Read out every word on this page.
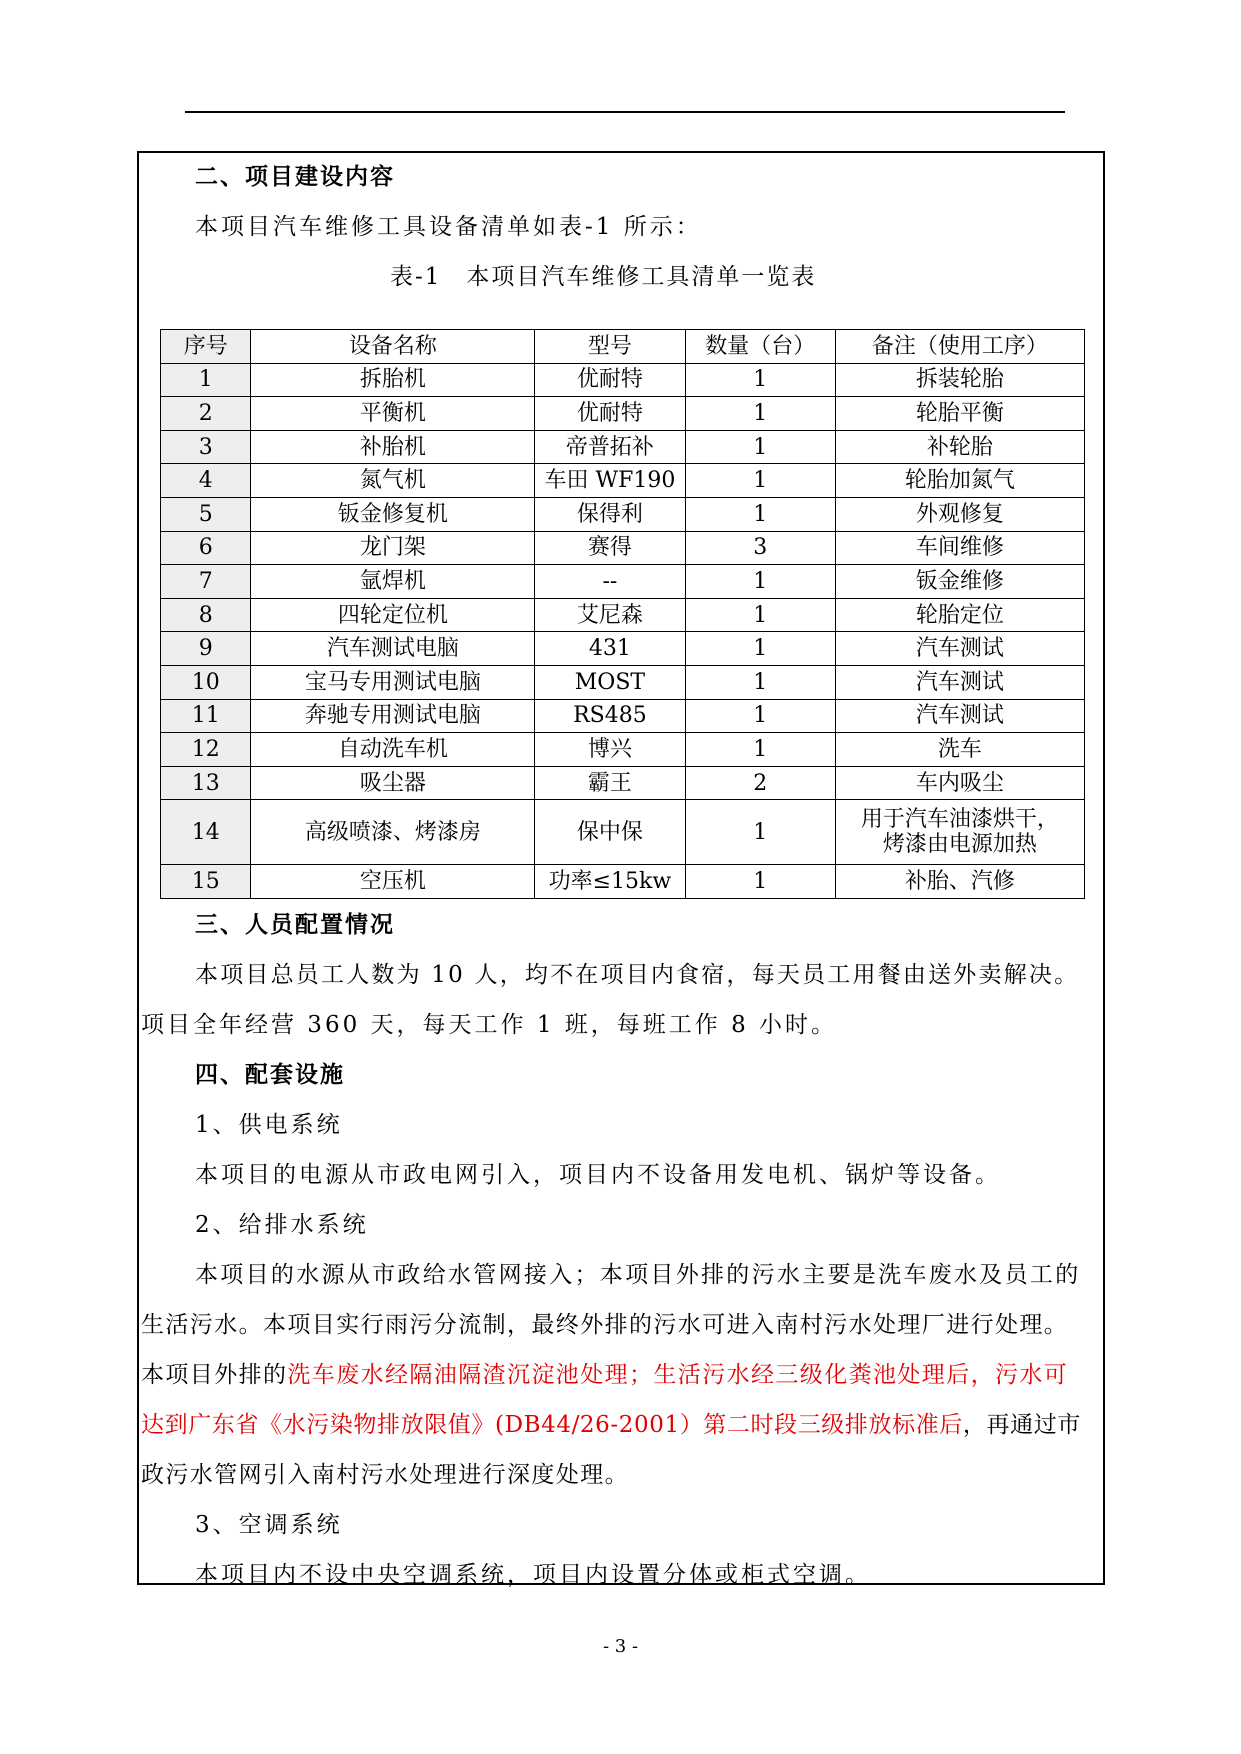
二、项目建设内容
本项目汽车维修工具设备清单如表-1 所示：
表-1　本项目汽车维修工具清单一览表
序号	设备名称	型号	数量（台）	备注（使用工序）
1	拆胎机	优耐特	1	拆装轮胎
2	平衡机	优耐特	1	轮胎平衡
3	补胎机	帝普拓补	1	补轮胎
4	氮气机	车田 WF190	1	轮胎加氮气
5	钣金修复机	保得利	1	外观修复
6	龙门架	赛得	3	车间维修
7	氩焊机	--	1	钣金维修
8	四轮定位机	艾尼森	1	轮胎定位
9	汽车测试电脑	431	1	汽车测试
10	宝马专用测试电脑	MOST	1	汽车测试
11	奔驰专用测试电脑	RS485	1	汽车测试
12	自动洗车机	博兴	1	洗车
13	吸尘器	霸王	2	车内吸尘
14	高级喷漆、烤漆房	保中保	1	用于汽车油漆烘干，
烤漆由电源加热

15	空压机	功率≤15kw	1	补胎、汽修
三、人员配置情况
本项目总员工人数为 10 人，均不在项目内食宿，每天员工用餐由送外卖解决。
项目全年经营 360 天，每天工作 1 班，每班工作 8 小时。
四、配套设施
1、供电系统
本项目的电源从市政电网引入，项目内不设备用发电机、锅炉等设备。
2、给排水系统
本项目的水源从市政给水管网接入；本项目外排的污水主要是洗车废水及员工的
生活污水。本项目实行雨污分流制，最终外排的污水可进入南村污水处理厂进行处理。
本项目外排的洗车废水经隔油隔渣沉淀池处理；生活污水经三级化粪池处理后，污水可
达到广东省《水污染物排放限值》(DB44/26-2001）第二时段三级排放标准后，再通过市
政污水管网引入南村污水处理进行深度处理。
3、空调系统
本项目内不设中央空调系统，项目内设置分体或柜式空调。
- 3 -
